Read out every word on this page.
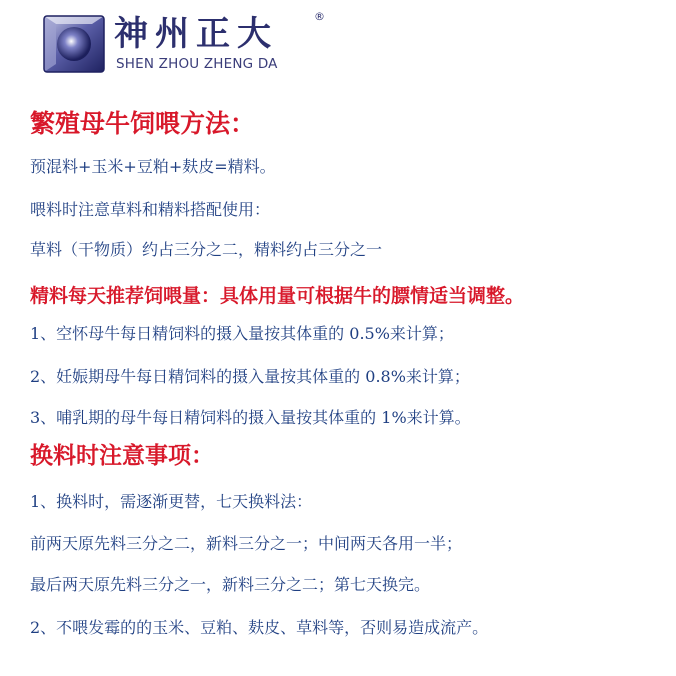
神州正大	®
SHEN ZHOU ZHENG DA
繁殖母牛饲喂方法：
预混料+玉米+豆粕+麸皮=精料。
喂料时注意草料和精料搭配使用：
草料（干物质）约占三分之二，精料约占三分之一
精料每天推荐饲喂量：具体用量可根据牛的膘情适当调整。
1、空怀母牛每日精饲料的摄入量按其体重的 0.5%来计算；
2、妊娠期母牛每日精饲料的摄入量按其体重的 0.8%来计算；
3、哺乳期的母牛每日精饲料的摄入量按其体重的 1%来计算。
换料时注意事项：
1、换料时，需逐渐更替，七天换料法：
前两天原先料三分之二，新料三分之一；中间两天各用一半；
最后两天原先料三分之一，新料三分之二；第七天换完。
2、不喂发霉的的玉米、豆粕、麸皮、草料等，否则易造成流产。
